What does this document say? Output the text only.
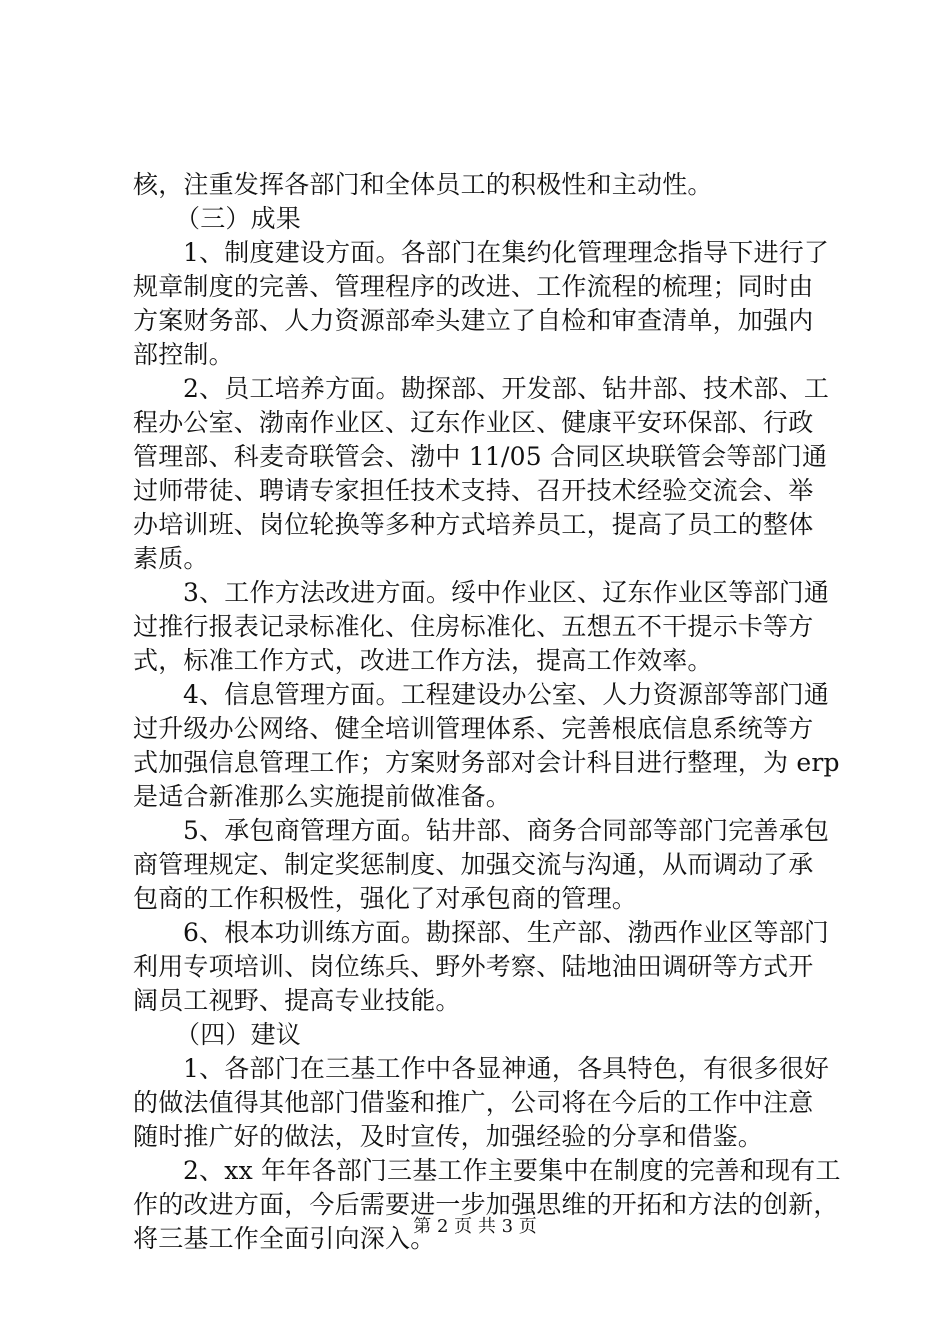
核，注重发挥各部门和全体员工的积极性和主动性。
（三）成果
1、制度建设方面。各部门在集约化管理理念指导下进行了
规章制度的完善、管理程序的改进、工作流程的梳理；同时由
方案财务部、人力资源部牵头建立了自检和审查清单，加强内
部控制。
2、员工培养方面。勘探部、开发部、钻井部、技术部、工
程办公室、渤南作业区、辽东作业区、健康平安环保部、行政
管理部、科麦奇联管会、渤中 11/05 合同区块联管会等部门通
过师带徒、聘请专家担任技术支持、召开技术经验交流会、举
办培训班、岗位轮换等多种方式培养员工，提高了员工的整体
素质。
3、工作方法改进方面。绥中作业区、辽东作业区等部门通
过推行报表记录标准化、住房标准化、五想五不干提示卡等方
式，标准工作方式，改进工作方法，提高工作效率。
4、信息管理方面。工程建设办公室、人力资源部等部门通
过升级办公网络、健全培训管理体系、完善根底信息系统等方
式加强信息管理工作；方案财务部对会计科目进行整理，为 erp
是适合新准那么实施提前做准备。
5、承包商管理方面。钻井部、商务合同部等部门完善承包
商管理规定、制定奖惩制度、加强交流与沟通，从而调动了承
包商的工作积极性，强化了对承包商的管理。
6、根本功训练方面。勘探部、生产部、渤西作业区等部门
利用专项培训、岗位练兵、野外考察、陆地油田调研等方式开
阔员工视野、提高专业技能。
（四）建议
1、各部门在三基工作中各显神通，各具特色，有很多很好
的做法值得其他部门借鉴和推广，公司将在今后的工作中注意
随时推广好的做法，及时宣传，加强经验的分享和借鉴。
2、xx 年年各部门三基工作主要集中在制度的完善和现有工
作的改进方面，今后需要进一步加强思维的开拓和方法的创新，
将三基工作全面引向深入。
第 2 页 共 3 页
